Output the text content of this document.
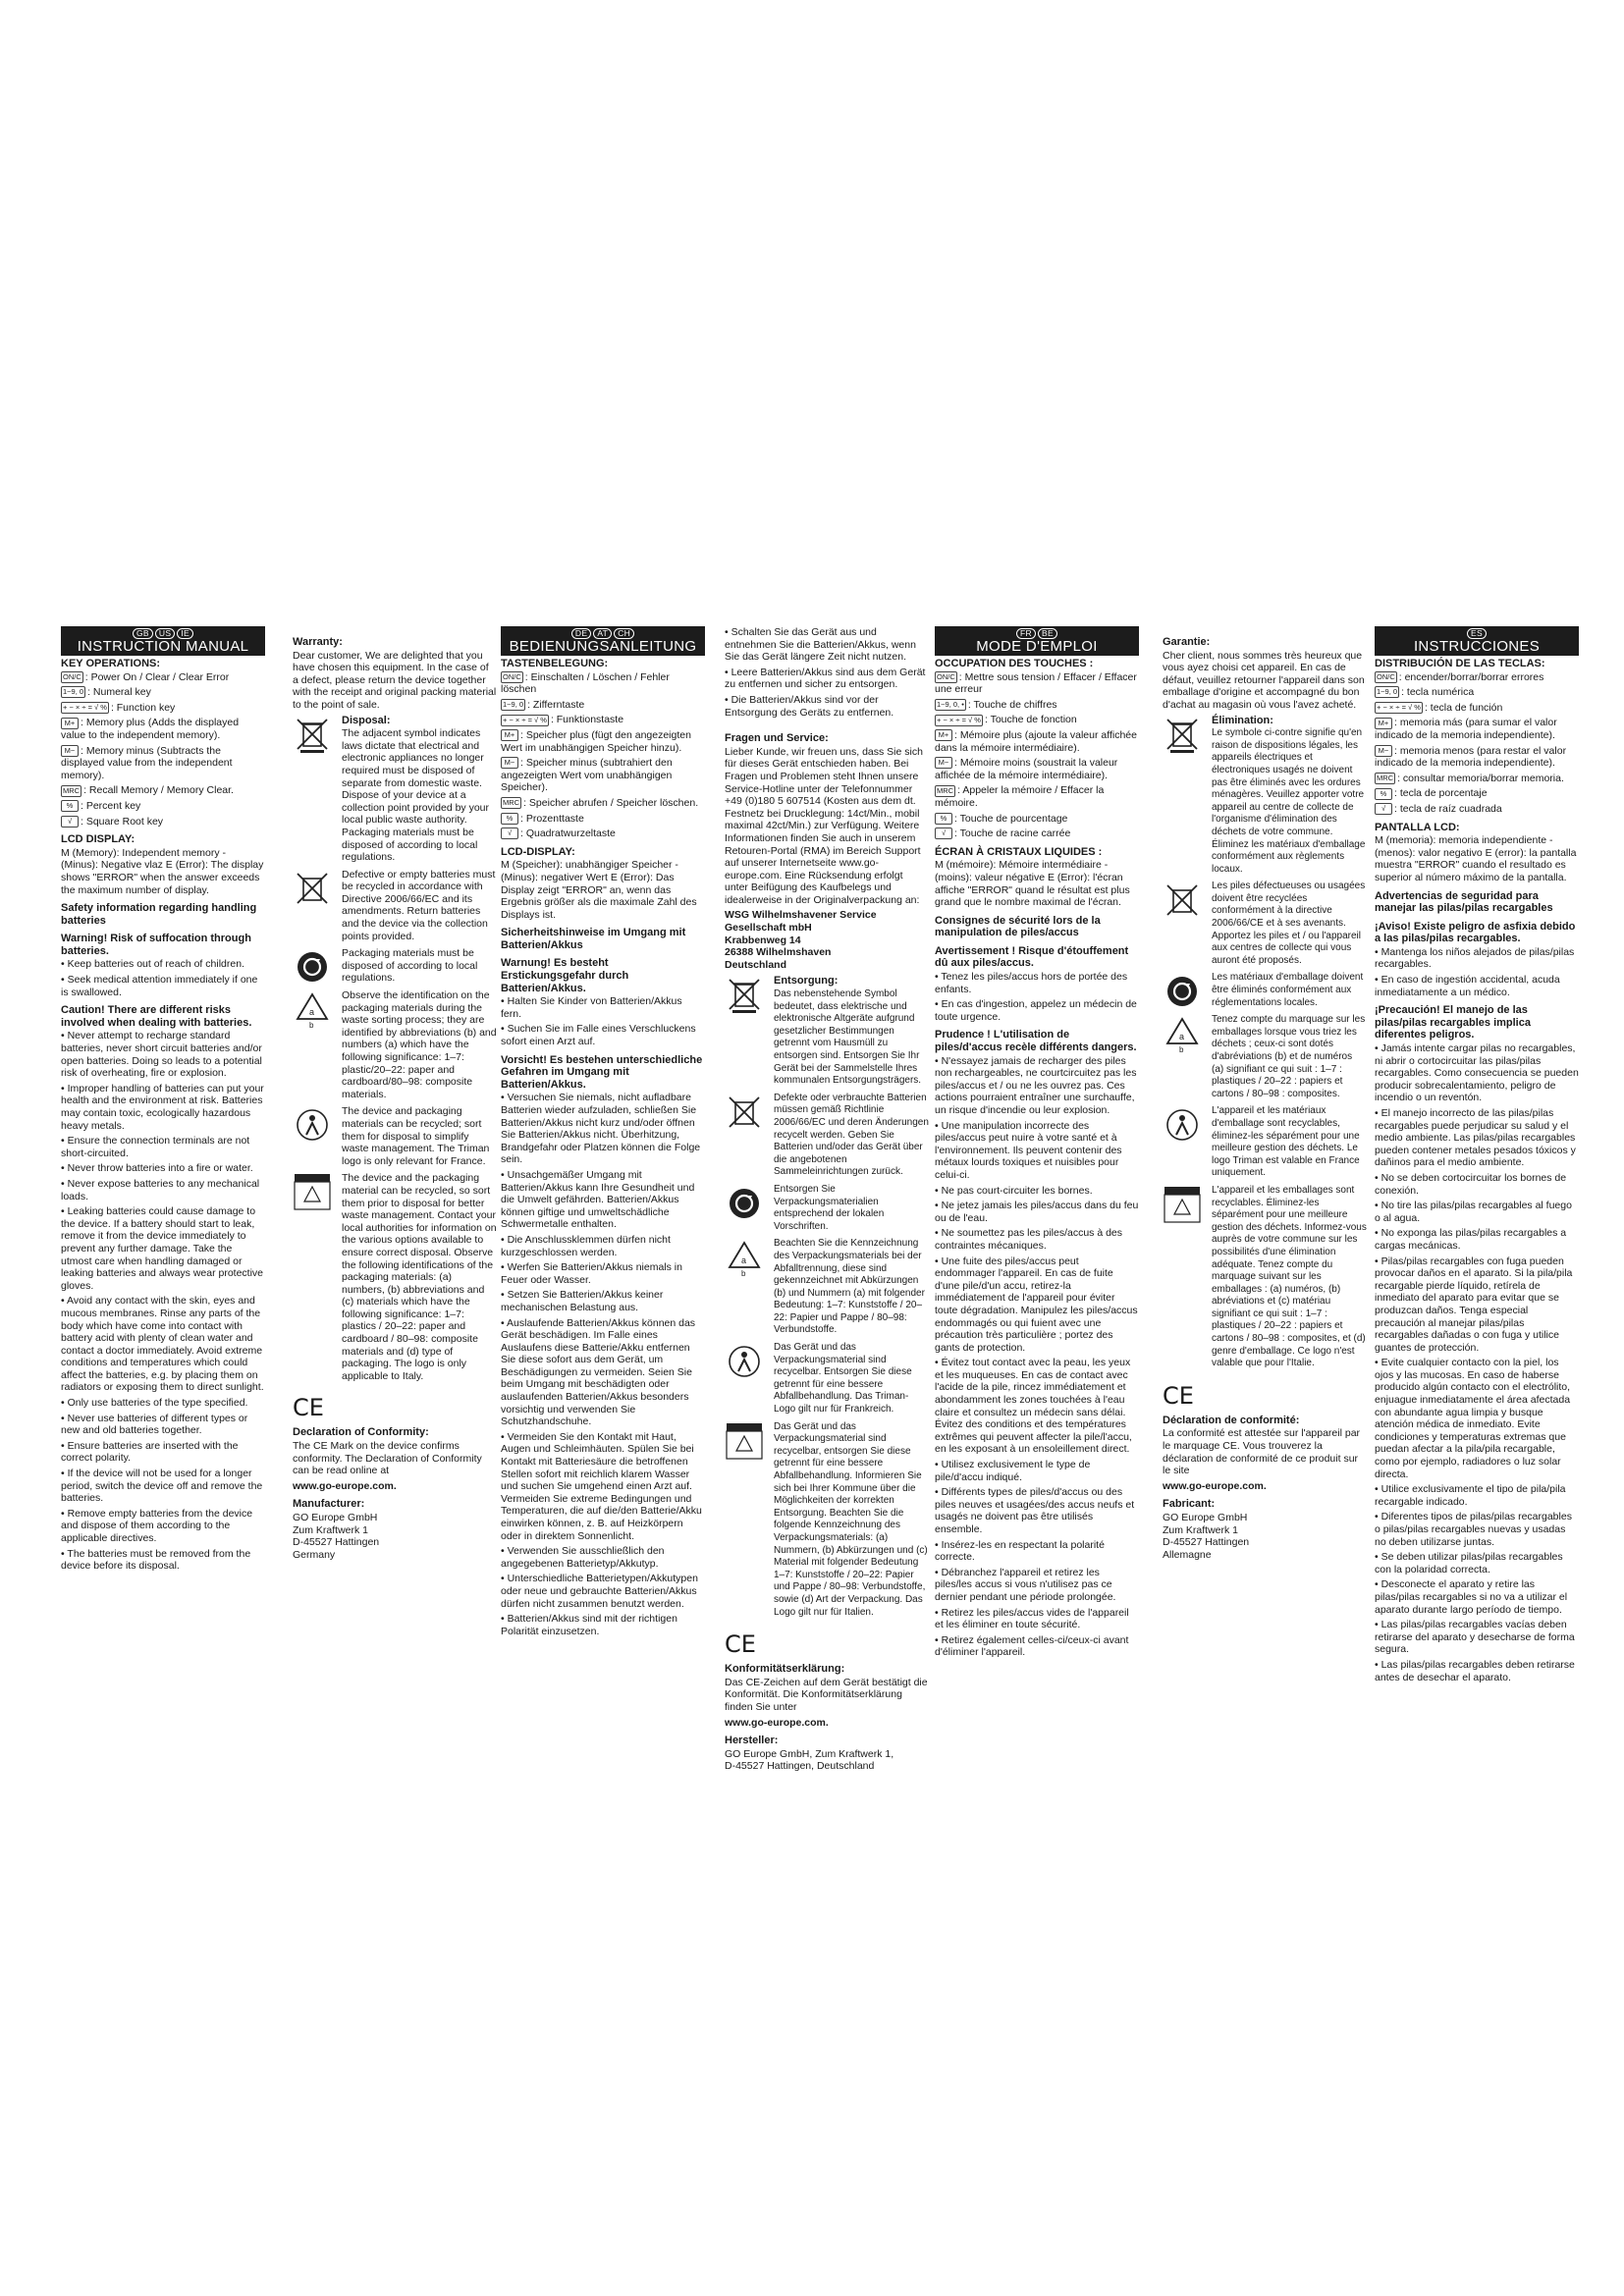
GB US IE
INSTRUCTION MANUAL
KEY OPERATIONS:

ON/C : Power On / Clear / Clear Error

1~9, 0 : Numeral key

+ − × ÷ = √ % : Function key

M+ : Memory plus (Adds the displayed value to the independent memory).

M− : Memory minus (Subtracts the displayed value from the independent memory).

MRC : Recall Memory / Memory Clear.

% : Percent key

√ : Square Root key

LCD DISPLAY:

M (Memory): Independent memory - (Minus): Negative vlaz E (Error): The display shows "ERROR" when the answer exceeds the maximum number of display.

Safety information regarding handling batteries
Warning! Risk of suffocation through batteries.

• Keep batteries out of reach of children.

• Seek medical attention immediately if one is swallowed.

Caution! There are different risks involved when dealing with batteries.

• Never attempt to recharge standard batteries, never short circuit batteries and/or open batteries. Doing so leads to a potential risk of overheating, fire or explosion.

• Improper handling of batteries can put your health and the environment at risk. Batteries may contain toxic, ecologically hazardous heavy metals.

• Ensure the connection terminals are not short-circuited.

• Never throw batteries into a fire or water.

• Never expose batteries to any mechanical loads.

• Leaking batteries could cause damage to the device. If a battery should start to leak, remove it from the device immediately to prevent any further damage. Take the utmost care when handling damaged or leaking batteries and always wear protective gloves.

• Avoid any contact with the skin, eyes and mucous membranes. Rinse any parts of the body which have come into contact with battery acid with plenty of clean water and contact a doctor immediately. Avoid extreme conditions and temperatures which could affect the batteries, e.g. by placing them on radiators or exposing them to direct sunlight.

• Only use batteries of the type specified.

• Never use batteries of different types or new and old batteries together.

• Ensure batteries are inserted with the correct polarity.

• If the device will not be used for a longer period, switch the device off and remove the batteries.

• Remove empty batteries from the device and dispose of them according to the applicable directives.

• The batteries must be removed from the device before its disposal.

Warranty:

Dear customer, We are delighted that you have chosen this equipment. In the case of a defect, please return the device together with the receipt and original packing material to the point of sale.

Disposal:

The adjacent symbol indicates laws dictate that electrical and electronic appliances no longer required must be disposed of separate from domestic waste. Dispose of your device at a collection point provided by your local public waste authority. Packaging materials must be disposed of according to local regulations.

Defective or empty batteries must be recycled in accordance with Directive 2006/66/EC and its amendments. Return batteries and the device via the collection points provided.

Packaging materials must be disposed of according to local regulations.

a
b

Observe the identification on the packaging materials during the waste sorting process; they are identified by abbreviations (b) and numbers (a) which have the following significance: 1–7: plastic/20–22: paper and cardboard/80–98: composite materials.

The device and packaging materials can be recycled; sort them for disposal to simplify waste management. The Triman logo is only relevant for France.

The device and the packaging material can be recycled, so sort them prior to disposal for better waste management. Contact your local authorities for information on the various options available to ensure correct disposal. Observe the following identifications of the packaging materials: (a) numbers, (b) abbreviations and (c) materials which have the following significance: 1–7: plastics / 20–22: paper and cardboard / 80–98: composite materials and (d) type of packaging. The logo is only applicable to Italy.

CE
Declaration of Conformity:

The CE Mark on the device confirms conformity. The Declaration of Conformity can be read online at

www.go-europe.com.

Manufacturer:

GO Europe GmbH

Zum Kraftwerk 1

D-45527 Hattingen

Germany

DE AT CH
BEDIENUNGSANLEITUNG
TASTENBELEGUNG:

ON/C : Einschalten / Löschen / Fehler löschen

1~9, 0 : Zifferntaste

+ − × ÷ = √ % : Funktionstaste

M+ : Speicher plus (fügt den angezeigten Wert im unabhängigen Speicher hinzu).

M− : Speicher minus (subtrahiert den angezeigten Wert vom unabhängigen Speicher).

MRC : Speicher abrufen / Speicher löschen.

% : Prozenttaste

√ : Quadratwurzeltaste

LCD-DISPLAY:

M (Speicher): unabhängiger Speicher - (Minus): negativer Wert E (Error): Das Display zeigt "ERROR" an, wenn das Ergebnis größer als die maximale Zahl des Displays ist.

Sicherheitshinweise im Umgang mit Batterien/Akkus
Warnung! Es besteht Erstickungsgefahr durch Batterien/Akkus.

• Halten Sie Kinder von Batterien/Akkus fern.

• Suchen Sie im Falle eines Verschluckens sofort einen Arzt auf.

Vorsicht! Es bestehen unterschiedliche Gefahren im Umgang mit Batterien/Akkus.

• Versuchen Sie niemals, nicht aufladbare Batterien wieder aufzuladen, schließen Sie Batterien/Akkus nicht kurz und/oder öffnen Sie Batterien/Akkus nicht. Überhitzung, Brandgefahr oder Platzen können die Folge sein.

• Unsachgemäßer Umgang mit Batterien/Akkus kann Ihre Gesundheit und die Umwelt gefährden. Batterien/Akkus können giftige und umweltschädliche Schwermetalle enthalten.

• Die Anschlussklemmen dürfen nicht kurzgeschlossen werden.

• Werfen Sie Batterien/Akkus niemals in Feuer oder Wasser.

• Setzen Sie Batterien/Akkus keiner mechanischen Belastung aus.

• Auslaufende Batterien/Akkus können das Gerät beschädigen. Im Falle eines Auslaufens diese Batterie/Akku entfernen Sie diese sofort aus dem Gerät, um Beschädigungen zu vermeiden. Seien Sie beim Umgang mit beschädigten oder auslaufenden Batterien/Akkus besonders vorsichtig und verwenden Sie Schutzhandschuhe.

• Vermeiden Sie den Kontakt mit Haut, Augen und Schleimhäuten. Spülen Sie bei Kontakt mit Batteriesäure die betroffenen Stellen sofort mit reichlich klarem Wasser und suchen Sie umgehend einen Arzt auf. Vermeiden Sie extreme Bedingungen und Temperaturen, die auf die/den Batterie/Akku einwirken können, z. B. auf Heizkörpern oder in direktem Sonnenlicht.

• Verwenden Sie ausschließlich den angegebenen Batterietyp/Akkutyp.

• Unterschiedliche Batterietypen/Akkutypen oder neue und gebrauchte Batterien/Akkus dürfen nicht zusammen benutzt werden.

• Batterien/Akkus sind mit der richtigen Polarität einzusetzen.

• Schalten Sie das Gerät aus und entnehmen Sie die Batterien/Akkus, wenn Sie das Gerät längere Zeit nicht nutzen.

• Leere Batterien/Akkus sind aus dem Gerät zu entfernen und sicher zu entsorgen.

• Die Batterien/Akkus sind vor der Entsorgung des Geräts zu entfernen.

Fragen und Service:

Lieber Kunde, wir freuen uns, dass Sie sich für dieses Gerät entschieden haben. Bei Fragen und Problemen steht Ihnen unsere Service-Hotline unter der Telefonnummer +49 (0)180 5 607514 (Kosten aus dem dt. Festnetz bei Drucklegung: 14ct/Min., mobil maximal 42ct/Min.) zur Verfügung. Weitere Informationen finden Sie auch in unserem Retouren-Portal (RMA) im Bereich Support auf unserer Internetseite www.go-europe.com. Eine Rücksendung erfolgt unter Beifügung des Kaufbelegs und idealerweise in der Originalverpackung an:

WSG Wilhelmshavener Service

Gesellschaft mbH

Krabbenweg 14

26388 Wilhelmshaven

Deutschland

Entsorgung:

Das nebenstehende Symbol bedeutet, dass elektrische und elektronische Altgeräte aufgrund gesetzlicher Bestimmungen getrennt vom Hausmüll zu entsorgen sind. Entsorgen Sie Ihr Gerät bei der Sammelstelle Ihres kommunalen Entsorgungsträgers.

Defekte oder verbrauchte Batterien müssen gemäß Richtlinie 2006/66/EC und deren Änderungen recycelt werden. Geben Sie Batterien und/oder das Gerät über die angebotenen Sammeleinrichtungen zurück.

Entsorgen Sie Verpackungsmaterialien entsprechend der lokalen Vorschriften.

a
b

Beachten Sie die Kennzeichnung des Verpackungsmaterials bei der Abfalltrennung, diese sind gekennzeichnet mit Abkürzungen (b) und Nummern (a) mit folgender Bedeutung: 1–7: Kunststoffe / 20–22: Papier und Pappe / 80–98: Verbundstoffe.

Das Gerät und das Verpackungsmaterial sind recycelbar. Entsorgen Sie diese getrennt für eine bessere Abfallbehandlung. Das Triman-Logo gilt nur für Frankreich.

Das Gerät und das Verpackungsmaterial sind recycelbar, entsorgen Sie diese getrennt für eine bessere Abfallbehandlung. Informieren Sie sich bei Ihrer Kommune über die Möglichkeiten der korrekten Entsorgung. Beachten Sie die folgende Kennzeichnung des Verpackungsmaterials: (a) Nummern, (b) Abkürzungen und (c) Material mit folgender Bedeutung 1–7: Kunststoffe / 20–22: Papier und Pappe / 80–98: Verbundstoffe, sowie (d) Art der Verpackung. Das Logo gilt nur für Italien.

CE
Konformitätserklärung:

Das CE-Zeichen auf dem Gerät bestätigt die Konformität. Die Konformitätserklärung finden Sie unter

www.go-europe.com.

Hersteller:

GO Europe GmbH, Zum Kraftwerk 1,

D-45527 Hattingen, Deutschland

FR BE
MODE D'EMPLOI
OCCUPATION DES TOUCHES :

ON/C : Mettre sous tension / Effacer / Effacer une erreur

1~9, 0, • : Touche de chiffres

+ − × ÷ = √ % : Touche de fonction

M+ : Mémoire plus (ajoute la valeur affichée dans la mémoire intermédiaire).

M− : Mémoire moins (soustrait la valeur affichée de la mémoire intermédiaire).

MRC : Appeler la mémoire / Effacer la mémoire.

% : Touche de pourcentage

√ : Touche de racine carrée

ÉCRAN À CRISTAUX LIQUIDES :

M (mémoire): Mémoire intermédiaire - (moins): valeur négative E (Error): l'écran affiche "ERROR" quand le résultat est plus grand que le nombre maximal de l'écran.

Consignes de sécurité lors de la manipulation de piles/accus
Avertissement ! Risque d'étouffement dû aux piles/accus.

• Tenez les piles/accus hors de portée des enfants.

• En cas d'ingestion, appelez un médecin de toute urgence.

Prudence ! L'utilisation de piles/d'accus recèle différents dangers.

• N'essayez jamais de recharger des piles non rechargeables, ne courtcircuitez pas les piles/accus et / ou ne les ouvrez pas. Ces actions pourraient entraîner une surchauffe, un risque d'incendie ou leur explosion.

• Une manipulation incorrecte des piles/accus peut nuire à votre santé et à l'environnement. Ils peuvent contenir des métaux lourds toxiques et nuisibles pour celui-ci.

• Ne pas court-circuiter les bornes.

• Ne jetez jamais les piles/accus dans du feu ou de l'eau.

• Ne soumettez pas les piles/accus à des contraintes mécaniques.

• Une fuite des piles/accus peut endommager l'appareil. En cas de fuite d'une pile/d'un accu, retirez-la immédiatement de l'appareil pour éviter toute dégradation. Manipulez les piles/accus endommagés ou qui fuient avec une précaution très particulière ; portez des gants de protection.

• Évitez tout contact avec la peau, les yeux et les muqueuses. En cas de contact avec l'acide de la pile, rincez immédiatement et abondamment les zones touchées à l'eau claire et consultez un médecin sans délai. Évitez des conditions et des températures extrêmes qui peuvent affecter la pile/l'accu, en les exposant à un ensoleillement direct.

• Utilisez exclusivement le type de pile/d'accu indiqué.

• Différents types de piles/d'accus ou des piles neuves et usagées/des accus neufs et usagés ne doivent pas être utilisés ensemble.

• Insérez-les en respectant la polarité correcte.

• Débranchez l'appareil et retirez les piles/les accus si vous n'utilisez pas ce dernier pendant une période prolongée.

• Retirez les piles/accus vides de l'appareil et les éliminer en toute sécurité.

• Retirez également celles-ci/ceux-ci avant d'éliminer l'appareil.

Garantie:

Cher client, nous sommes très heureux que vous ayez choisi cet appareil. En cas de défaut, veuillez retourner l'appareil dans son emballage d'origine et accompagné du bon d'achat au magasin où vous l'avez acheté.

Élimination:

Le symbole ci-contre signifie qu'en raison de dispositions légales, les appareils électriques et électroniques usagés ne doivent pas être éliminés avec les ordures ménagères. Veuillez apporter votre appareil au centre de collecte de l'organisme d'élimination des déchets de votre commune. Éliminez les matériaux d'emballage conformément aux règlements locaux.

Les piles défectueuses ou usagées doivent être recyclées conformément à la directive 2006/66/CE et à ses avenants. Apportez les piles et / ou l'appareil aux centres de collecte qui vous auront été proposés.

Les matériaux d'emballage doivent être éliminés conformément aux réglementations locales.

a
b

Tenez compte du marquage sur les emballages lorsque vous triez les déchets ; ceux-ci sont dotés d'abréviations (b) et de numéros (a) signifiant ce qui suit : 1–7 : plastiques / 20–22 : papiers et cartons / 80–98 : composites.

L'appareil et les matériaux d'emballage sont recyclables, éliminez-les séparément pour une meilleure gestion des déchets. Le logo Triman est valable en France uniquement.

L'appareil et les emballages sont recyclables. Éliminez-les séparément pour une meilleure gestion des déchets. Informez-vous auprès de votre commune sur les possibilités d'une élimination adéquate. Tenez compte du marquage suivant sur les emballages : (a) numéros, (b) abréviations et (c) matériau signifiant ce qui suit : 1–7 : plastiques / 20–22 : papiers et cartons / 80–98 : composites, et (d) genre d'emballage. Ce logo n'est valable que pour l'Italie.

CE
Déclaration de conformité:

La conformité est attestée sur l'appareil par le marquage CE. Vous trouverez la déclaration de conformité de ce produit sur le site

www.go-europe.com.

Fabricant:

GO Europe GmbH

Zum Kraftwerk 1

D-45527 Hattingen

Allemagne

ES
INSTRUCCIONES
DISTRIBUCIÓN DE LAS TECLAS:

ON/C : encender/borrar/borrar errores

1~9, 0 : tecla numérica

+ − × ÷ = √ % : tecla de función

M+ : memoria más (para sumar el valor indicado de la memoria independiente).

M− : memoria menos (para restar el valor indicado de la memoria independiente).

MRC : consultar memoria/borrar memoria.

% : tecla de porcentaje

√ : tecla de raíz cuadrada

PANTALLA LCD:

M (memoria): memoria independiente - (menos): valor negativo E (error): la pantalla muestra "ERROR" cuando el resultado es superior al número máximo de la pantalla.

Advertencias de seguridad para manejar las pilas/pilas recargables
¡Aviso! Existe peligro de asfixia debido a las pilas/pilas recargables.

• Mantenga los niños alejados de pilas/pilas recargables.

• En caso de ingestión accidental, acuda inmediatamente a un médico.

¡Precaución! El manejo de las pilas/pilas recargables implica diferentes peligros.

• Jamás intente cargar pilas no recargables, ni abrir o cortocircuitar las pilas/pilas recargables. Como consecuencia se pueden producir sobrecalentamiento, peligro de incendio o un reventón.

• El manejo incorrecto de las pilas/pilas recargables puede perjudicar su salud y el medio ambiente. Las pilas/pilas recargables pueden contener metales pesados tóxicos y dañinos para el medio ambiente.

• No se deben cortocircuitar los bornes de conexión.

• No tire las pilas/pilas recargables al fuego o al agua.

• No exponga las pilas/pilas recargables a cargas mecánicas.

• Pilas/pilas recargables con fuga pueden provocar daños en el aparato. Si la pila/pila recargable pierde líquido, retírela de inmediato del aparato para evitar que se produzcan daños. Tenga especial precaución al manejar pilas/pilas recargables dañadas o con fuga y utilice guantes de protección.

• Evite cualquier contacto con la piel, los ojos y las mucosas. En caso de haberse producido algún contacto con el electrólito, enjuague inmediatamente el área afectada con abundante agua limpia y busque atención médica de inmediato. Evite condiciones y temperaturas extremas que puedan afectar a la pila/pila recargable, como por ejemplo, radiadores o luz solar directa.

• Utilice exclusivamente el tipo de pila/pila recargable indicado.

• Diferentes tipos de pilas/pilas recargables o pilas/pilas recargables nuevas y usadas no deben utilizarse juntas.

• Se deben utilizar pilas/pilas recargables con la polaridad correcta.

• Desconecte el aparato y retire las pilas/pilas recargables si no va a utilizar el aparato durante largo período de tiempo.

• Las pilas/pilas recargables vacías deben retirarse del aparato y desecharse de forma segura.

• Las pilas/pilas recargables deben retirarse antes de desechar el aparato.
